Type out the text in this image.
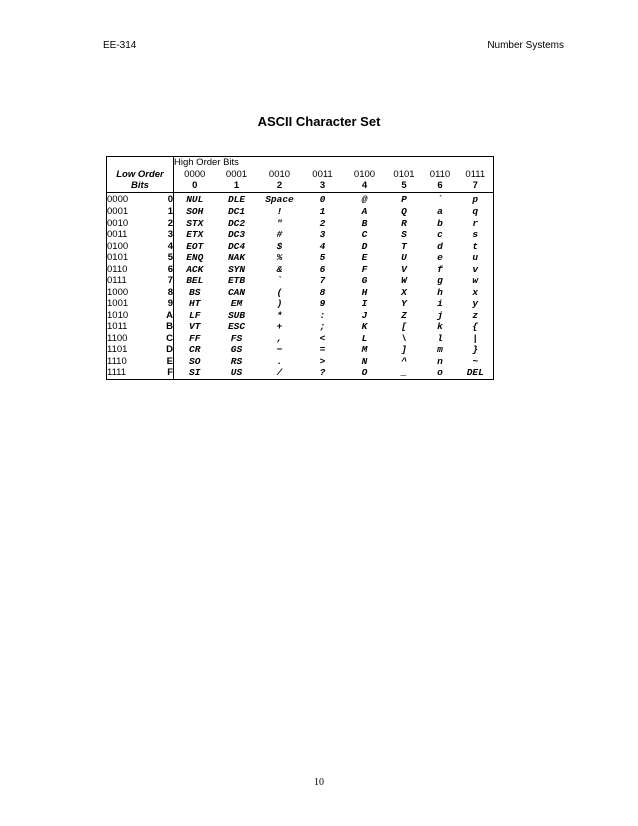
EE-314	Number Systems
ASCII Character Set
		High Order Bits							
Low Order		0000	0001	0010	0011	0100	0101	0110	0111
Bits		0	1	2	3	4	5	6	7
0000	0	NUL	DLE	Space	0	@	P	`	p
0001	1	SOH	DC1	!	1	A	Q	a	q
0010	2	STX	DC2	"	2	B	R	b	r
0011	3	ETX	DC3	#	3	C	S	c	s
0100	4	EOT	DC4	$	4	D	T	d	t
0101	5	ENQ	NAK	%	5	E	U	e	u
0110	6	ACK	SYN	&	6	F	V	f	v
0111	7	BEL	ETB	`	7	G	W	g	w
1000	8	BS	CAN	(	8	H	X	h	x
1001	9	HT	EM	)	9	I	Y	i	y
1010	A	LF	SUB	*	:	J	Z	j	z
1011	B	VT	ESC	+	;	K	[	k	{
1100	C	FF	FS	,	<	L	\	l	|
1101	D	CR	GS	−	=	M	]	m	}
1110	E	SO	RS	.	>	N	^	n	~
1111	F	SI	US	/	?	O	_	o	DEL
10
